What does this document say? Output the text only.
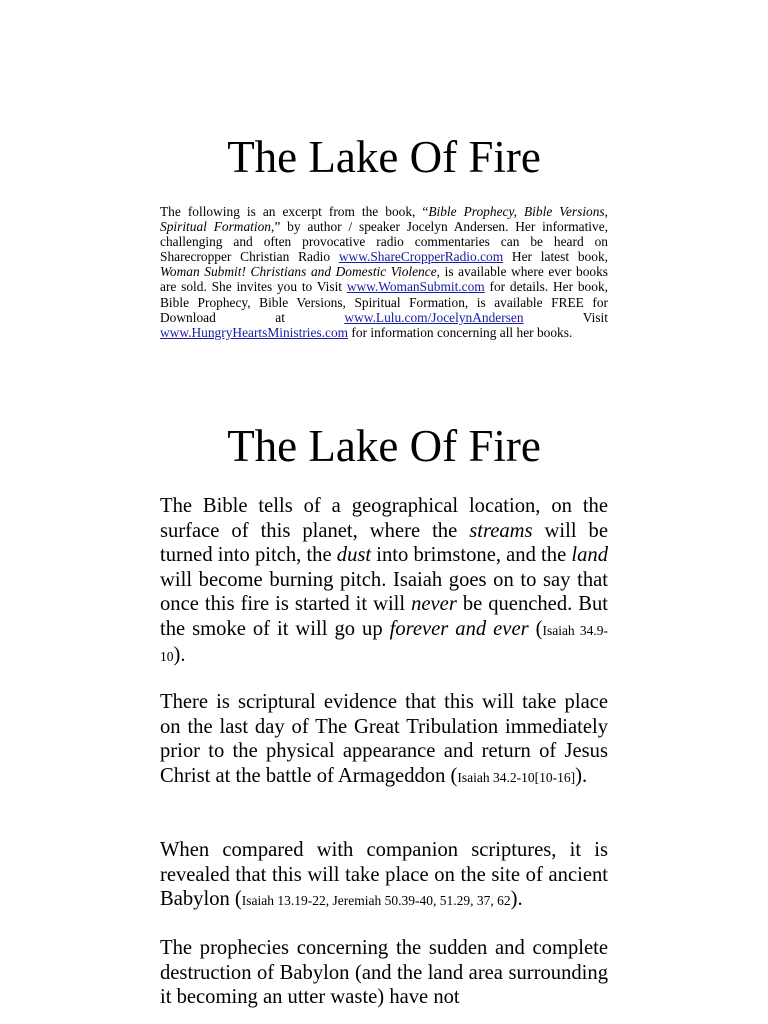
The Lake Of Fire

The following is an excerpt from the book, “Bible Prophecy, Bible Versions, Spiritual Formation,” by author / speaker Jocelyn Andersen. Her informative, challenging and often provocative radio commentaries can be heard on Sharecropper Christian Radio www.ShareCropperRadio.com Her latest book, Woman Submit! Christians and Domestic Violence, is available where ever books are sold. She invites you to Visit www.WomanSubmit.com for details. Her book, Bible Prophecy, Bible Versions, Spiritual Formation, is available FREE for Download at www.Lulu.com/JocelynAndersen Visit www.HungryHeartsMinistries.com for information concerning all her books.

The Lake Of Fire

The Bible tells of a geographical location, on the surface of this planet, where the streams will be turned into pitch, the dust into brimstone, and the land will become burning pitch. Isaiah goes on to say that once this fire is started it will never be quenched. But the smoke of it will go up forever and ever (Isaiah 34.9-10).

There is scriptural evidence that this will take place on the last day of The Great Tribulation immediately prior to the physical appearance and return of Jesus Christ at the battle of Armageddon (Isaiah 34.2-10[10-16]).

When compared with companion scriptures, it is revealed that this will take place on the site of ancient Babylon (Isaiah 13.19-22, Jeremiah 50.39-40, 51.29, 37, 62).

The prophecies concerning the sudden and complete destruction of Babylon (and the land area surrounding it becoming an utter waste) have not
